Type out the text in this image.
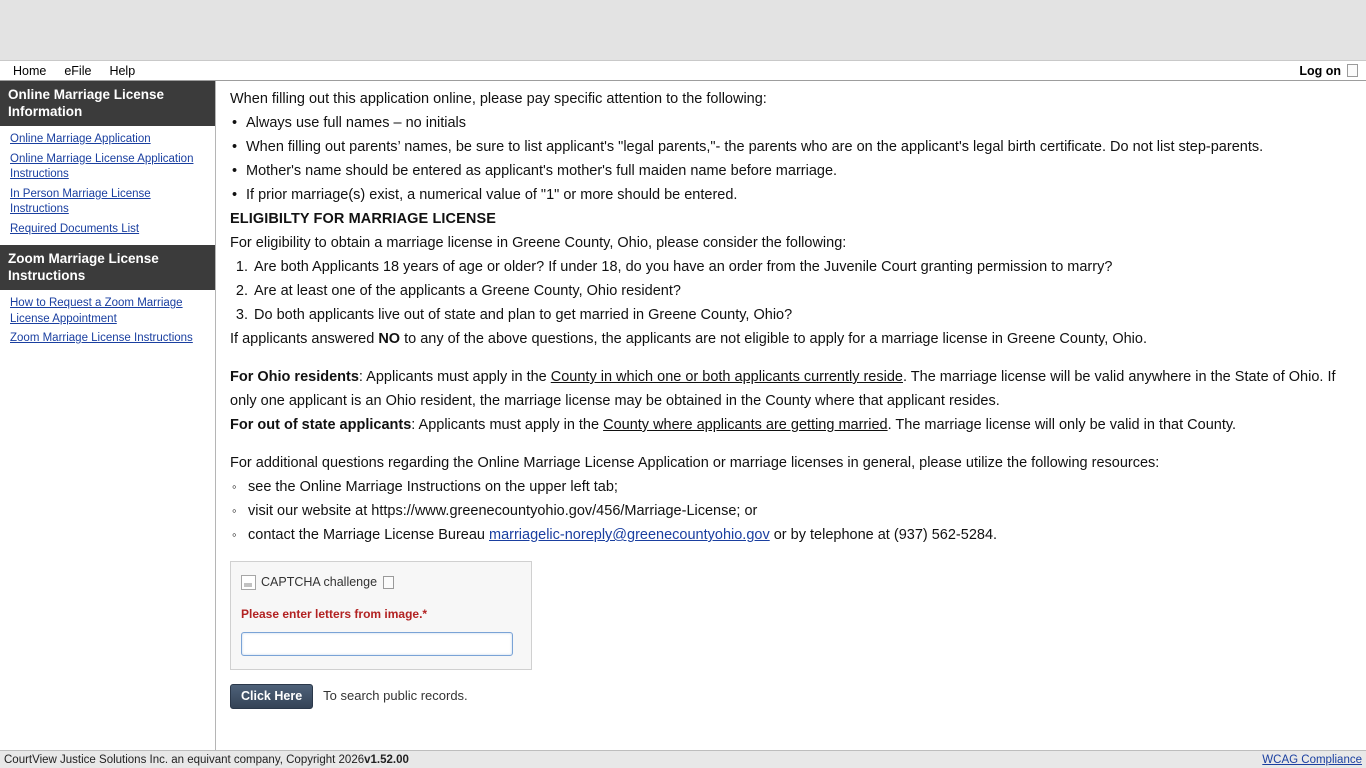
Home	eFile	Help	Log on
Online Marriage License Information
Online Marriage Application
Online Marriage License Application Instructions
In Person Marriage License Instructions
Required Documents List
Zoom Marriage License Instructions
How to Request a Zoom Marriage License Appointment
Zoom Marriage License Instructions

When filling out this application online, please pay specific attention to the following:

• Always use full names – no initials
• When filling out parents’ names, be sure to list applicant's "legal parents,"- the parents who are on the applicant's legal birth certificate. Do not list step-parents.
• Mother's name should be entered as applicant's mother's full maiden name before marriage.
• If prior marriage(s) exist, a numerical value of "1" or more should be entered.

ELIGIBILTY FOR MARRIAGE LICENSE

For eligibility to obtain a marriage license in Greene County, Ohio, please consider the following:

1. Are both Applicants 18 years of age or older? If under 18, do you have an order from the Juvenile Court granting permission to marry?
2. Are at least one of the applicants a Greene County, Ohio resident?
3. Do both applicants live out of state and plan to get married in Greene County, Ohio?

If applicants answered NO to any of the above questions, the applicants are not eligible to apply for a marriage license in Greene County, Ohio.

For Ohio residents: Applicants must apply in the County in which one or both applicants currently reside. The marriage license will be valid anywhere in the State of Ohio. If only one applicant is an Ohio resident, the marriage license may be obtained in the County where that applicant resides.

For out of state applicants: Applicants must apply in the County where applicants are getting married. The marriage license will only be valid in that County.

For additional questions regarding the Online Marriage License Application or marriage licenses in general, please utilize the following resources:

◦ see the Online Marriage Instructions on the upper left tab;
◦ visit our website at https://www.greenecountyohio.gov/456/Marriage-License; or
◦ contact the Marriage License Bureau marriagelic-noreply@greenecountyohio.gov or by telephone at (937) 562-5284.
CAPTCHA challenge
Please enter letters from image.*
Click Here	To search public records.
CourtView Justice Solutions Inc. an equivant company, Copyright 2026 v1.52.00	WCAG Compliance
